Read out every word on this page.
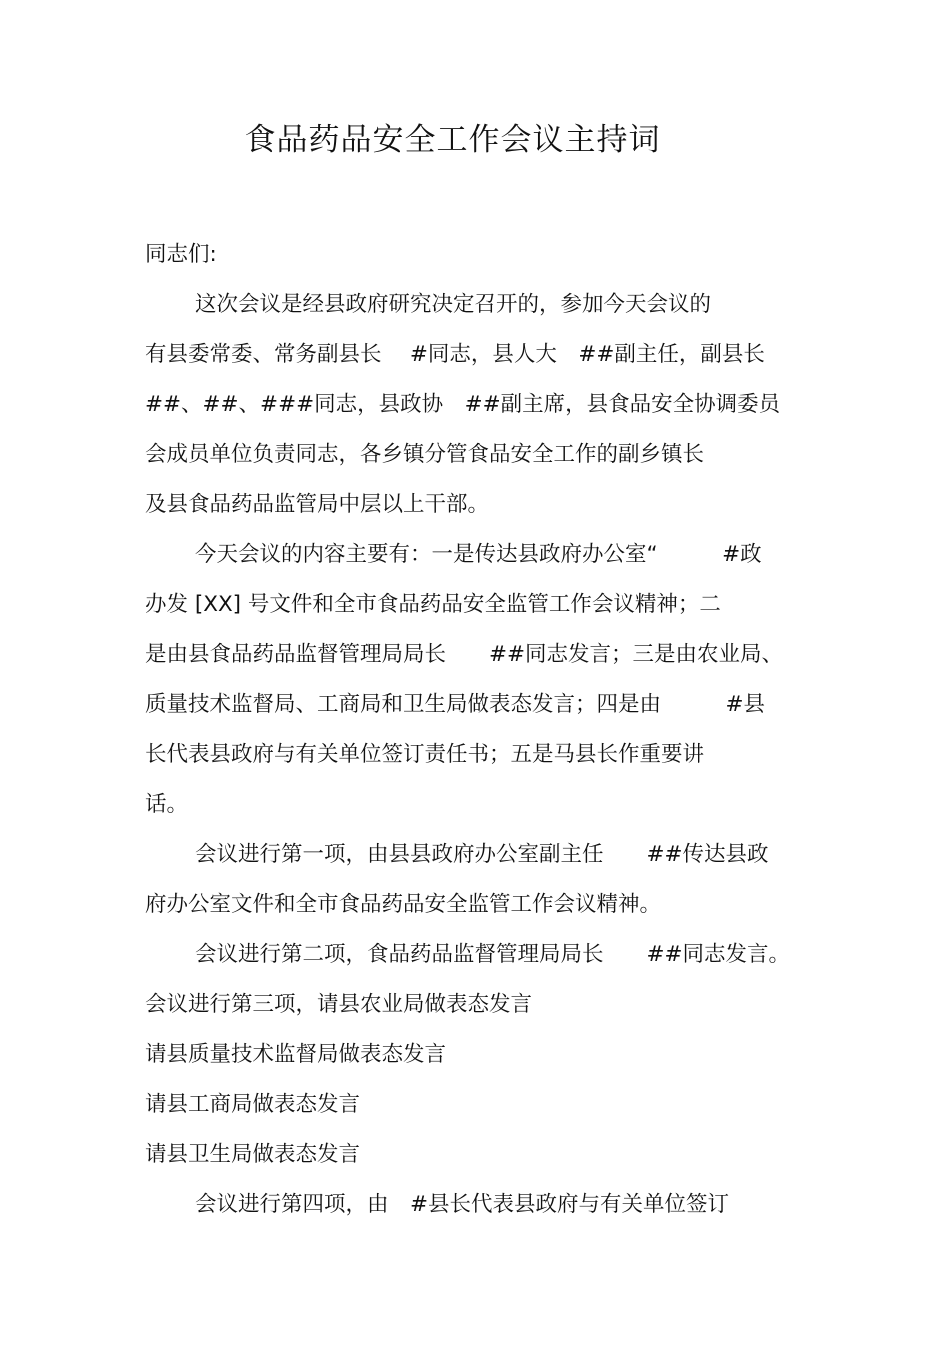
食品药品安全工作会议主持词
同志们:
这次会议是经县政府研究决定召开的，参加今天会议的
有县委常委、常务副县长　 #同志，县人大　##副主任，副县长
##、##、###同志，县政协　##副主席，县食品安全协调委员
会成员单位负责同志，各乡镇分管食品安全工作的副乡镇长
及县食品药品监管局中层以上干部。
今天会议的内容主要有：一是传达县政府办公室“　　　#政
办发 [XX] 号文件和全市食品药品安全监管工作会议精神；二
是由县食品药品监督管理局局长　　##同志发言；三是由农业局、
质量技术监督局、工商局和卫生局做表态发言；四是由　　　#县
长代表县政府与有关单位签订责任书；五是马县长作重要讲
话。
会议进行第一项，由县县政府办公室副主任　　##传达县政
府办公室文件和全市食品药品安全监管工作会议精神。
会议进行第二项，食品药品监督管理局局长　　##同志发言。
会议进行第三项，请县农业局做表态发言
请县质量技术监督局做表态发言
请县工商局做表态发言
请县卫生局做表态发言
会议进行第四项，由　#县长代表县政府与有关单位签订
